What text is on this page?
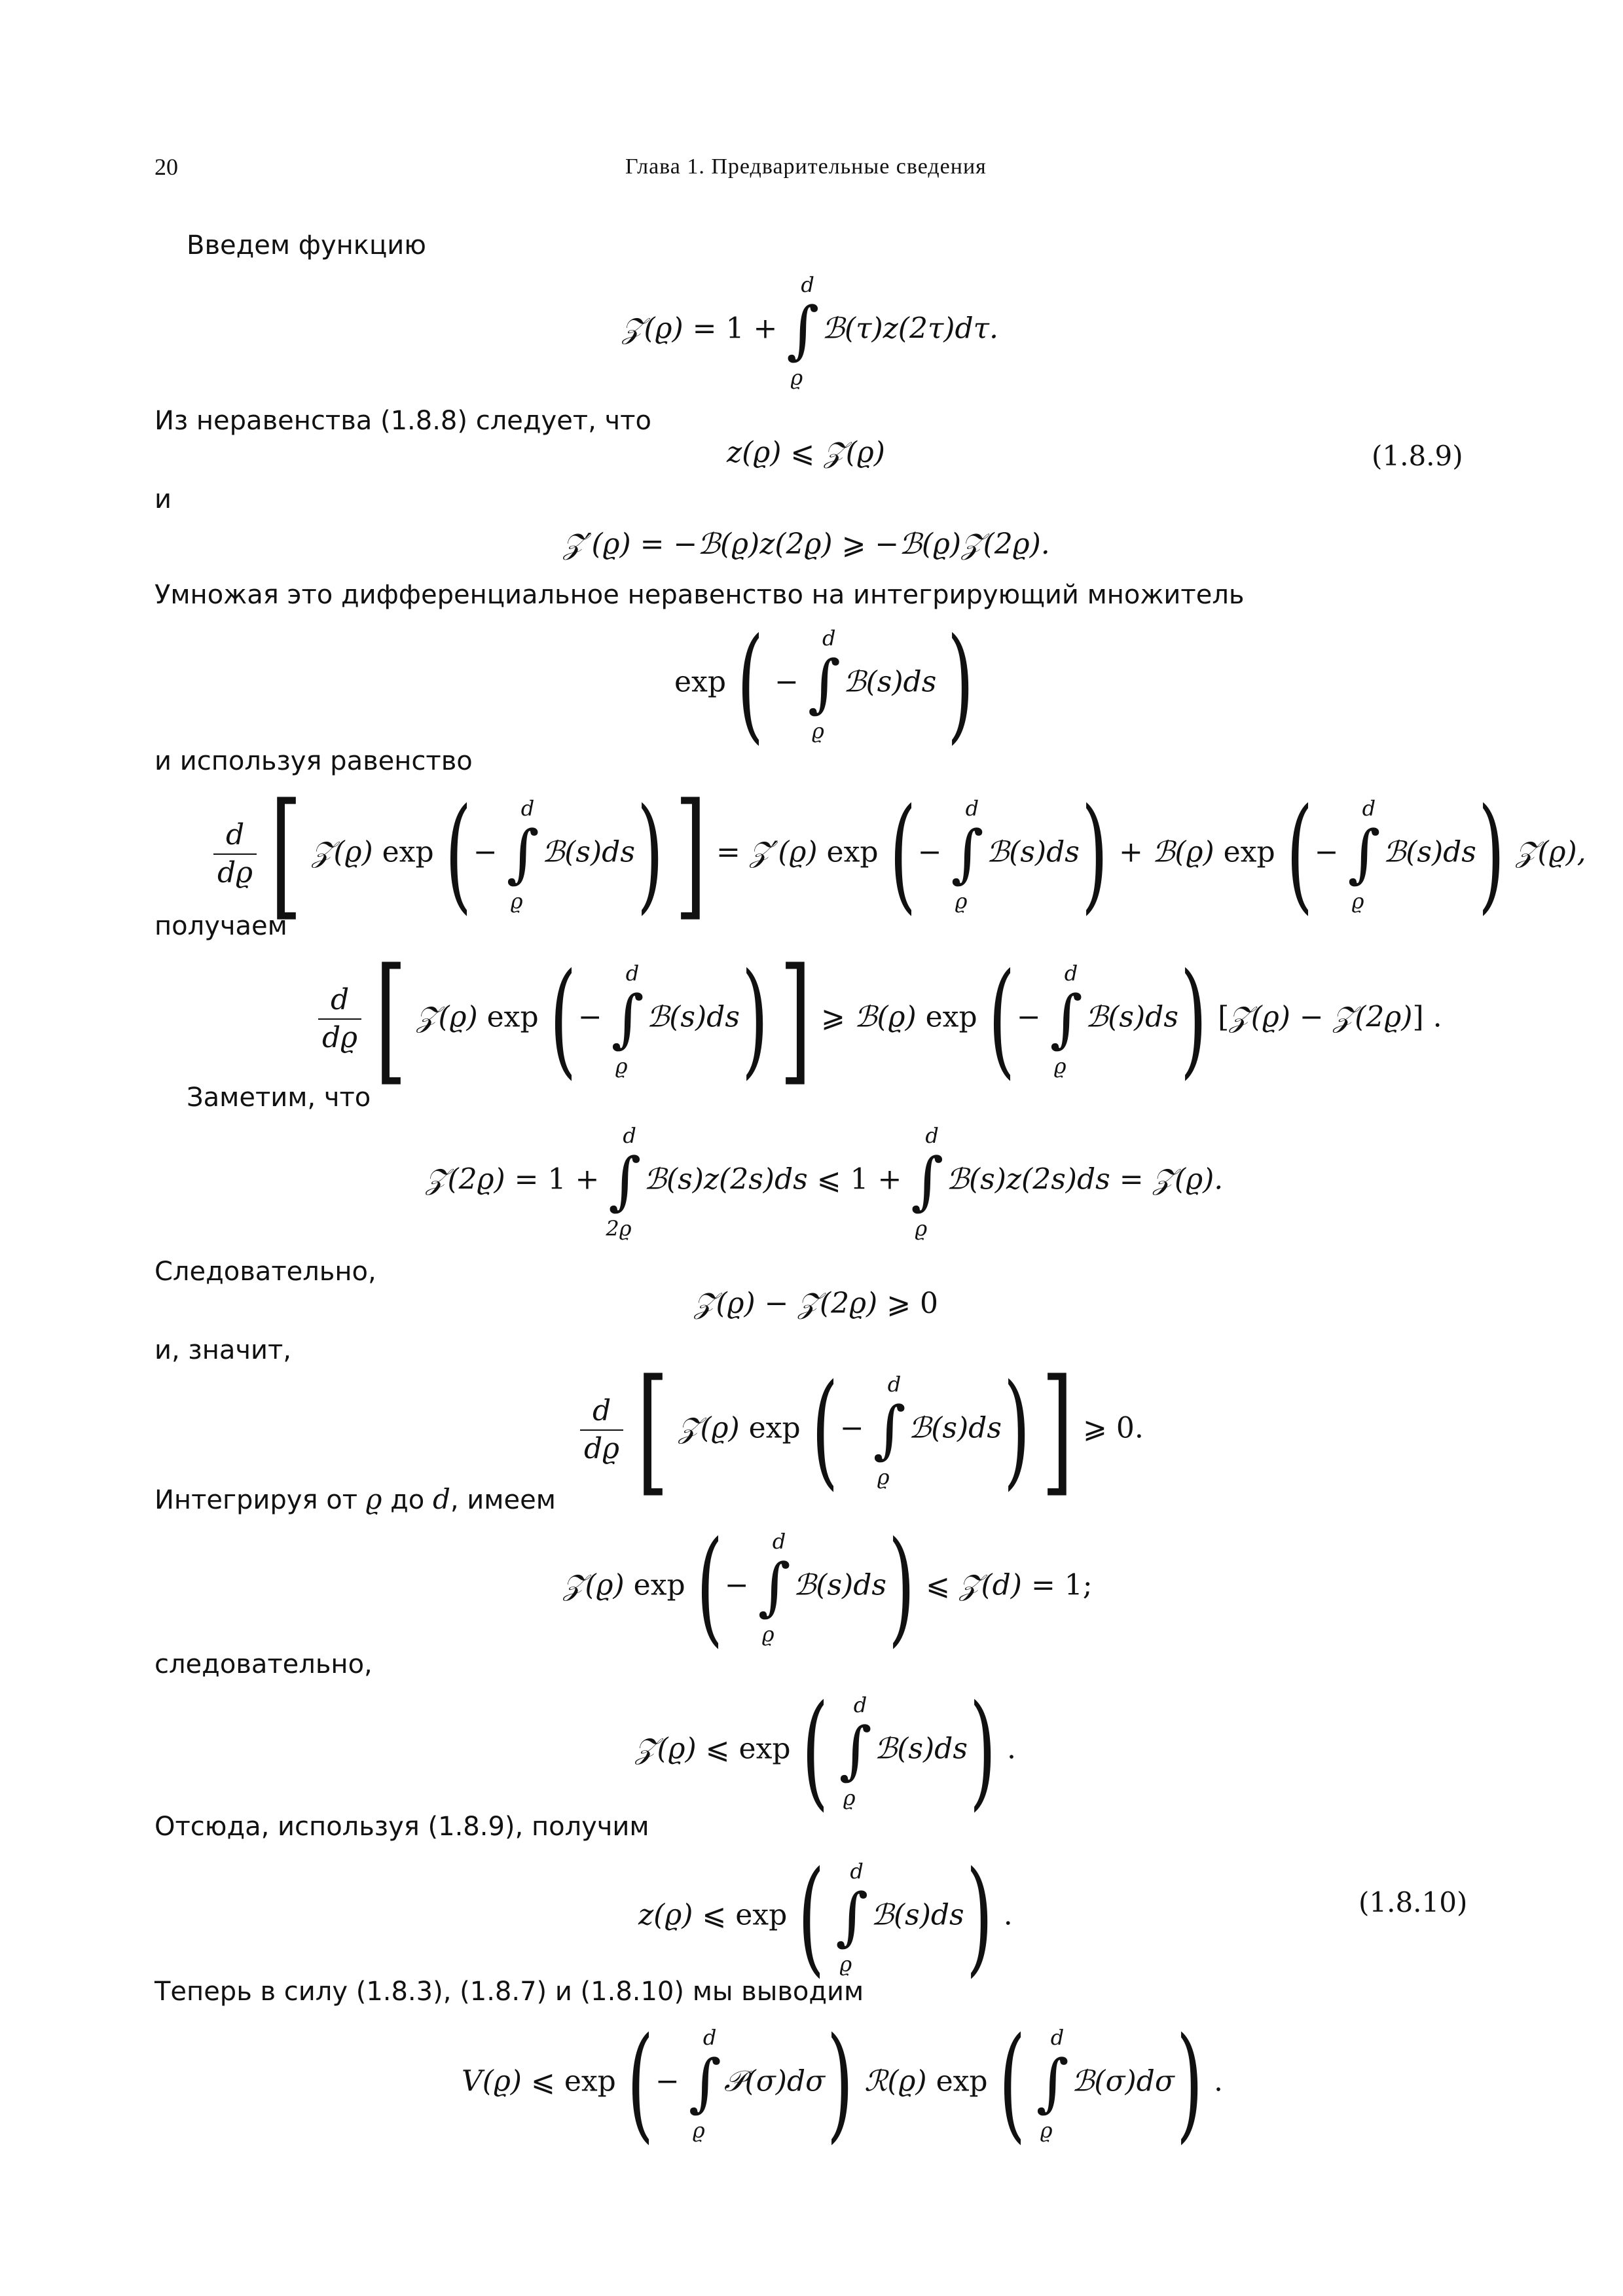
20	Глава 1. Предварительные сведения
Введем функцию
Из неравенства (1.8.8) следует, что
и
Умножая это дифференциальное неравенство на интегрирующий множитель
и используя равенство
получаем
Заметим, что
Следовательно,
и, значит,
Интегрируя от ϱ до d, имеем
следовательно,
Отсюда, используя (1.8.9), получим
Теперь в силу (1.8.3), (1.8.7) и (1.8.10) мы выводим
(1.8.9)
(1.8.10)
𝒵(ϱ) = 1 + ∫
d
ϱ
ℬ(τ)z(2τ)dτ.
z(ϱ) ⩽ 𝒵(ϱ)
𝒵′(ϱ) = −ℬ(ϱ)z(2ϱ) ⩾ −ℬ(ϱ)𝒵(2ϱ).
exp ( − ∫
d
ϱ
ℬ(s)ds )
$\frac{d}{dϱ}$ [ 𝒵(ϱ) exp (− ∫
d
ϱ
ℬ(s)ds) ] = 𝒵′(ϱ) exp (− ∫
d
ϱ
ℬ(s)ds) + ℬ(ϱ) exp (− ∫
d
ϱ
ℬ(s)ds) 𝒵(ϱ),
$\frac{d}{dϱ}$ [ 𝒵(ϱ) exp (− ∫
d
ϱ
ℬ(s)ds) ] ⩾ ℬ(ϱ) exp (− ∫
d
ϱ
ℬ(s)ds) [𝒵(ϱ) − 𝒵(2ϱ)] .
𝒵(2ϱ) = 1 + ∫
d
2ϱ
ℬ(s)z(2s)ds ⩽ 1 + ∫
d
ϱ
ℬ(s)z(2s)ds = 𝒵(ϱ).
𝒵(ϱ) − 𝒵(2ϱ) ⩾ 0
$\frac{d}{dϱ}$ [ 𝒵(ϱ) exp (− ∫
d
ϱ
ℬ(s)ds) ] ⩾ 0.
𝒵(ϱ) exp (− ∫
d
ϱ
ℬ(s)ds) ⩽ 𝒵(d) = 1;
𝒵(ϱ) ⩽ exp ( ∫
d
ϱ
ℬ(s)ds) .
z(ϱ) ⩽ exp ( ∫
d
ϱ
ℬ(s)ds) .
V(ϱ) ⩽ exp (− ∫
d
ϱ
𝒫(σ)dσ) ℛ(ϱ) exp ( ∫
d
ϱ
ℬ(σ)dσ) .
